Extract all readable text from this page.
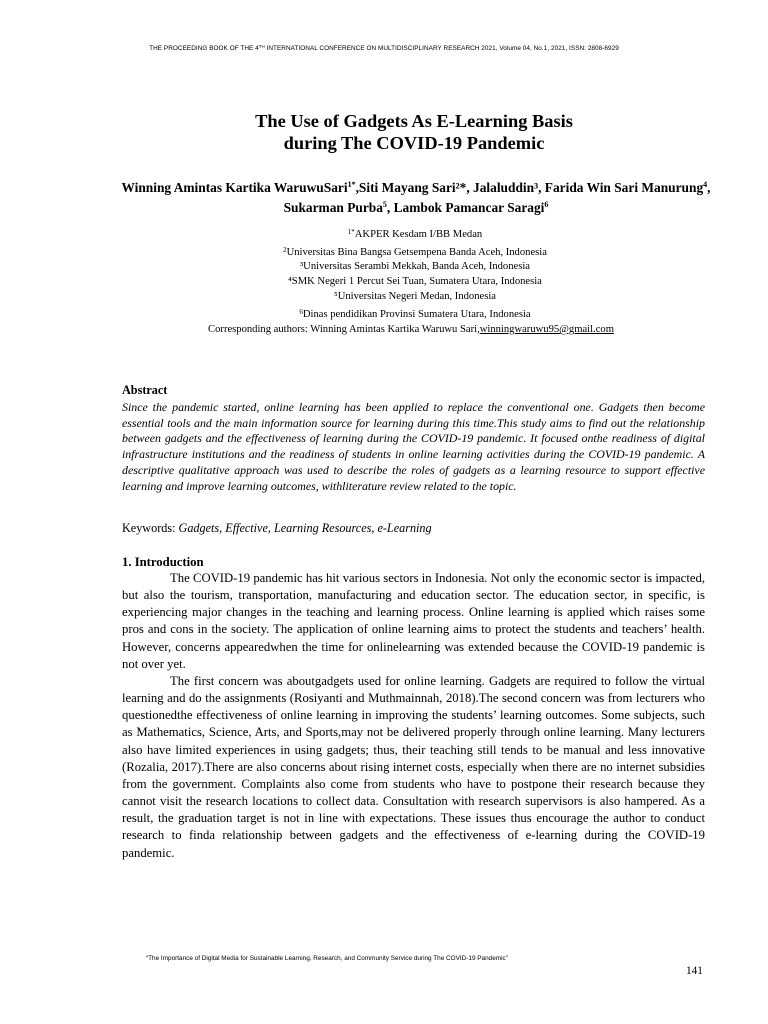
THE PROCEEDING BOOK OF THE 4TH INTERNATIONAL CONFERENCE ON MULTIDISCIPLINARY RESEARCH 2021, Volume 04, No.1, 2021, ISSN: 2808-6929
The Use of Gadgets As E-Learning Basis
during The COVID-19 Pandemic
Winning Amintas Kartika WaruwuSari$^{1*}$,Siti Mayang Sari²*, Jalaluddin³, Farida Win Sari Manurung$^4$, Sukarman Purba$^5$, Lambok Pamancar Saragi$^6$
$^{1*}$AKPER Kesdam I/BB Medan
$^2$Universitas Bina Bangsa Getsempena Banda Aceh, Indonesia
³Universitas Serambi Mekkah, Banda Aceh, Indonesia
⁴SMK Negeri 1 Percut Sei Tuan, Sumatera Utara, Indonesia
⁵Universitas Negeri Medan, Indonesia
$^6$Dinas pendidikan Provinsi Sumatera Utara, Indonesia
Corresponding authors: Winning Amintas Kartika Waruwu Sari,winningwaruwu95@gmail.com
Abstract
Since the pandemic started, online learning has been applied to replace the conventional one. Gadgets then become essential tools and the main information source for learning during this time.This study aims to find out the relationship between gadgets and the effectiveness of learning during the COVID-19 pandemic. It focused onthe readiness of digital infrastructure institutions and the readiness of students in online learning activities during the COVID-19 pandemic. A descriptive qualitative approach was used to describe the roles of gadgets as a learning resource to support effective learning and improve learning outcomes, withliterature review related to the topic.
Keywords: Gadgets, Effective, Learning Resources, e-Learning
1. Introduction

The COVID-19 pandemic has hit various sectors in Indonesia. Not only the economic sector is impacted, but also the tourism, transportation, manufacturing and education sector. The education sector, in specific, is experiencing major changes in the teaching and learning process. Online learning is applied which raises some pros and cons in the society. The application of online learning aims to protect the students and teachers’ health. However, concerns appearedwhen the time for onlinelearning was extended because the COVID-19 pandemic is not over yet.

The first concern was aboutgadgets used for online learning. Gadgets are required to follow the virtual learning and do the assignments (Rosiyanti and Muthmainnah, 2018).The second concern was from lecturers who questionedthe effectiveness of online learning in improving the students’ learning outcomes. Some subjects, such as Mathematics, Science, Arts, and Sports,may not be delivered properly through online learning. Many lecturers also have limited experiences in using gadgets; thus, their teaching still tends to be manual and less innovative (Rozalia, 2017).There are also concerns about rising internet costs, especially when there are no internet subsidies from the government. Complaints also come from students who have to postpone their research because they cannot visit the research locations to collect data. Consultation with research supervisors is also hampered. As a result, the graduation target is not in line with expectations. These issues thus encourage the author to conduct research to finda relationship between gadgets and the effectiveness of e-learning during the COVID-19 pandemic.

“The Importance of Digital Media for Sustainable Learning, Research, and Community Service during The COVID-19 Pandemic”
141
